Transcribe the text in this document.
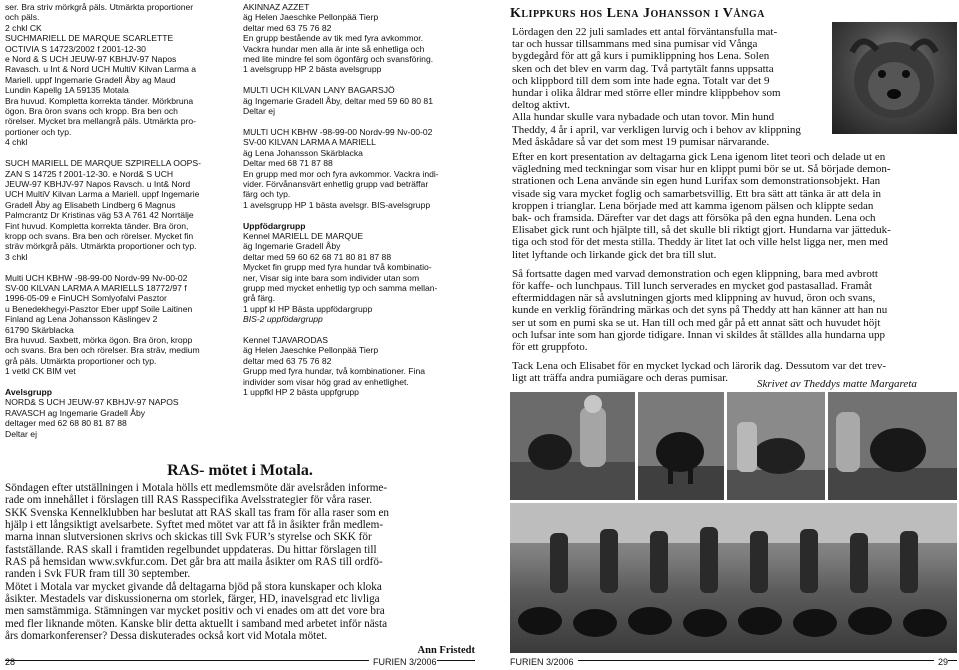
ser. Bra striv mörkgrå päls. Utmärkta proportioner
och päls.
2 chkl CK
SUCHMARIELL DE MARQUE SCARLETTE
OCTIVIA S 14723/2002 f 2001-12-30
e Nord & S UCH JEUW-97 KBHJV-97 Napos
Ravasch. u Int & Nord UCH MultiV Kilvan Larma a
Mariell. uppf Ingemarie Gradell Åby ag Maud
Lundin Kapellg 1A 59135 Motala
Bra huvud. Kompletta korrekta tänder. Mörkbruna
ögon. Bra öron svans och kropp. Bra ben och
rörelser. Mycket bra mellangrå päls. Utmärkta pro-
portioner och typ.
4 chkl

SUCH MARIELL DE MARQUE SZPIRELLA OOPS-
ZAN S 14725 f 2001-12-30. e Nord& S UCH
JEUW-97 KBHJV-97 Napos Ravsch. u Int& Nord
UCH MultiV Kilvan Larma a Mariell. uppf Ingemarie
Gradell Åby ag Elisabeth Lindberg 6 Magnus
Palmcrantz Dr Kristinas väg 53 A 761 42 Norrtälje
Fint huvud. Kompletta korrekta tänder. Bra öron,
kropp och svans. Bra ben och rörelser. Mycket fin
sträv mörkgrå päls. Utmärkta proportioner och typ.
3 chkl

Multi UCH KBHW -98-99-00 Nordv-99 Nv-00-02
SV-00 KILVAN LARMA A MARIELLS 18772/97 f
1996-05-09 e FinUCH Somlyofalvi Pasztor
u Benedekhegyi-Pasztor Eber uppf Soile Laitinen
Finland ag Lena Johansson Käslingev 2
61790 Skärblacka
Bra huvud. Saxbett, mörka ögon. Bra öron, kropp
och svans. Bra ben och rörelser. Bra sträv, medium
grå päls. Utmärkta proportioner och typ.
1 vetkl CK BIM vet

Avelsgrupp
NORD& S UCH JEUW-97 KBHJV-97 NAPOS
RAVASCH ag Ingemarie Gradell Åby
deltager med 62 68 80 81 87 88
Deltar ej
AKINNAZ AZZET
äg Helen Jaeschke Pellonpää Tierp
deltar med 63 75 76 82
En grupp bestående av tik med fyra avkommor.
Vackra hundar men alla är inte så enhetliga och
med lite mindre fel som ögonfärg och svansföring.
1 avelsgrupp HP 2 bästa avelsgrupp

MULTI UCH KILVAN LANY BAGARSJÖ
äg Ingemarie Gradell Åby, deltar med 59 60 80 81
Deltar ej

MULTI UCH KBHW -98-99-00 Nordv-99 Nv-00-02
SV-00 KILVAN LARMA A MARIELL
äg Lena Johansson Skärblacka
Deltar med 68 71 87 88
En grupp med mor och fyra avkommor. Vackra indi-
vider. Förvånansvärt enhetlig grupp vad beträffar
färg och typ.
1 avelsgrupp HP 1 bästa avelsgr. BIS-avelsgrupp

Uppfödargrupp
Kennel MARIELL DE MARQUE
äg Ingemarie Gradell Åby
deltar med 59 60 62 68 71 80 81 87 88
Mycket fin grupp med fyra hundar två kombinatio-
ner, Visar sig inte bara som individer utan som
grupp med mycket enhetlig typ och samma mellan-
grå färg.
1 uppf kl HP Bästa uppfödargrupp
BIS-2 uppfödargrupp

Kennel TJAVARODAS
äg Helen Jaeschke Pellonpää Tierp
deltar med 63 75 76 82
Grupp med fyra hundar, två kombinationer. Fina
individer som visar hög grad av enhetlighet.
1 uppfkl HP 2 bästa uppfgrupp
RAS- mötet i Motala.
Söndagen efter utställningen i Motala hölls ett medlemsmöte där avelsråden informe-
rade om innehållet i förslagen till RAS Rasspecifika Avelsstrategier för våra raser.
SKK Svenska Kennelklubben har beslutat att RAS skall tas fram för alla raser som en
hjälp i ett långsiktigt avelsarbete. Syftet med mötet var att få in åsikter från medlem-
marna innan slutversionen skrivs och skickas till Svk FUR’s styrelse och SKK för
fastställande. RAS skall i framtiden regelbundet uppdateras. Du hittar förslagen till
RAS på hemsidan www.svkfur.com. Det går bra att maila åsikter om RAS till ordfö-
randen i Svk FUR fram till 30 september.
Mötet i Motala var mycket givande då deltagarna bjöd på stora kunskaper och kloka
åsikter. Mestadels var diskussionerna om storlek, färger, HD, inavelsgrad etc livliga
men samstämmiga. Stämningen var mycket positiv och vi enades om att det vore bra
med fler liknande möten. Kanske blir detta aktuellt i samband med arbetet inför nästa
års domarkonferenser? Dessa diskuterades också kort vid Motala mötet.
Ann Fristedt
28	FURIEN 3/2006
Klippkurs hos Lena Johansson i Vånga
Lördagen den 22 juli samlades ett antal förväntansfulla mat-
tar och hussar tillsammans med sina pumisar vid Vånga
bygdegård för att gå kurs i pumiklippning hos Lena. Solen
sken och det blev en varm dag. Två partytält fanns uppsatta
och klippbord till dem som inte hade egna. Totalt var det 9
hundar i olika åldrar med större eller mindre klippbehov som
deltog aktivt.
Alla hundar skulle vara nybadade och utan tovor. Min hund
Theddy, 4 år i april, var verkligen lurvig och i behov av klippning
Med åskådare så var det som mest 19 pumisar närvarande.

Efter en kort presentation av deltagarna gick Lena igenom litet teori och delade ut en
vägledning med teckningar som visar hur en klippt pumi bör se ut. Så började demon-
strationen och Lena använde sin egen hund Lurifax som demonstrationsobjekt. Han
visade sig vara mycket foglig och samarbetsvillig. Ett bra sätt att tänka är att dela in
kroppen i trianglar. Lena började med att kamma igenom pälsen och klippte sedan
bak- och framsida. Därefter var det dags att försöka på den egna hunden. Lena och
Elisabet gick runt och hjälpte till, så det skulle bli riktigt gjort. Hundarna var jätteduk-
tiga och stod för det mesta stilla. Theddy är litet lat och ville helst ligga ner, men med
litet lyftande och lirkande gick det bra till slut.

Så fortsatte dagen med varvad demonstration och egen klippning, bara med avbrott
för kaffe- och lunchpaus. Till lunch serverades en mycket god pastasallad. Framåt
eftermiddagen när så avslutningen gjorts med klippning av huvud, öron och svans,
kunde en verklig förändring märkas och det syns på Theddy att han känner att han nu
ser ut som en pumi ska se ut. Han till och med går på ett annat sätt och huvudet höjt
och lufsar inte som han gjorde tidigare. Innan vi skildes åt ställdes alla hundarna upp
för ett gruppfoto.

Tack Lena och Elisabet för en mycket lyckad och lärorik dag. Dessutom var det trev-
ligt att träffa andra pumiägare och deras pumisar.	Skrivet av Theddys matte Margareta
FURIEN 3/2006	29
